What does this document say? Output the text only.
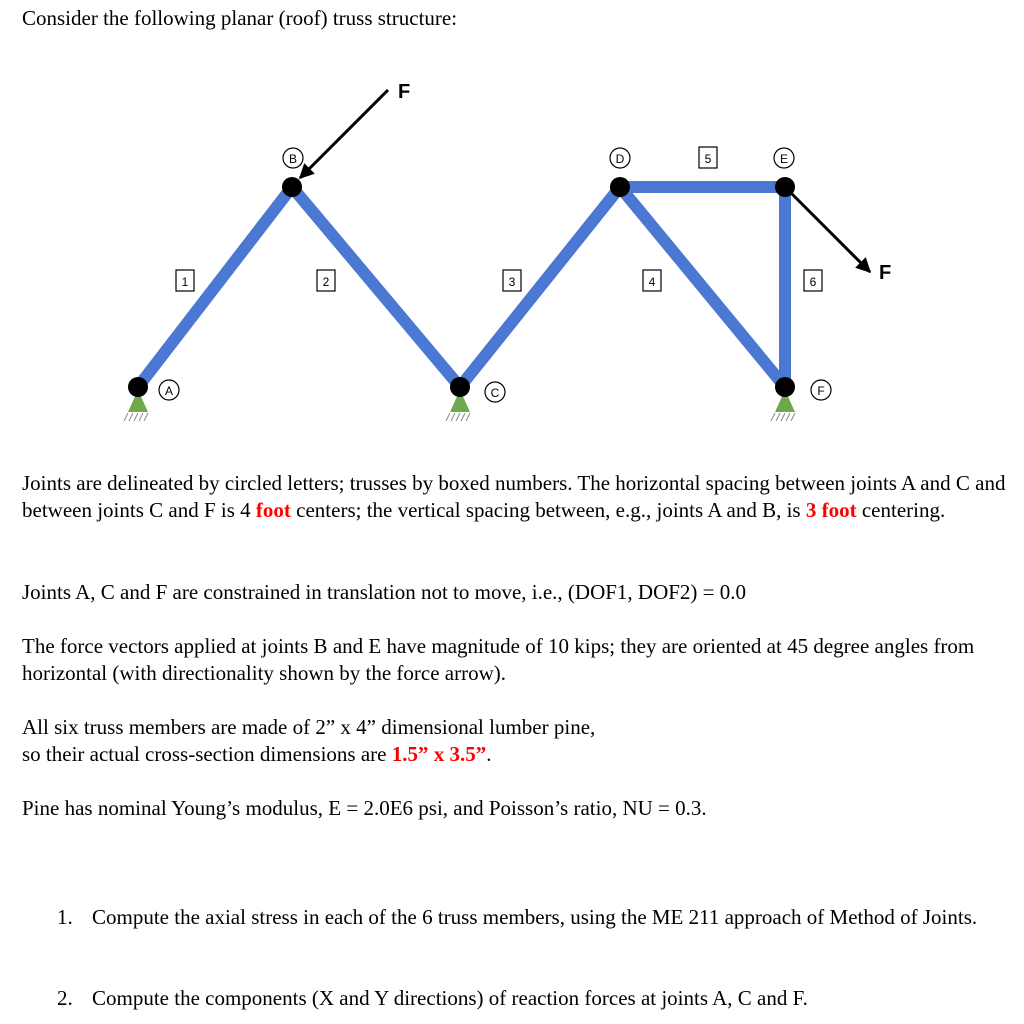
Consider the following planar (roof) truss structure:
F
F
A
B
C
D	E
F
1	2	3	4
5
6
Joints are delineated by circled letters; trusses by boxed numbers. The horizontal spacing between joints A and C and between joints C and F is 4 foot centers; the vertical spacing between, e.g., joints A and B, is 3 foot centering.
Joints A, C and F are constrained in translation not to move, i.e., (DOF1, DOF2) = 0.0
The force vectors applied at joints B and E have magnitude of 10 kips; they are oriented at 45 degree angles from horizontal (with directionality shown by the force arrow).
All six truss members are made of 2” x 4” dimensional lumber pine,
so their actual cross-section dimensions are 1.5” x 3.5”.
Pine has nominal Young’s modulus, E = 2.0E6 psi, and Poisson’s ratio, NU = 0.3.
1. Compute the axial stress in each of the 6 truss members, using the ME 211 approach of Method of Joints.
2. Compute the components (X and Y directions) of reaction forces at joints A, C and F.
